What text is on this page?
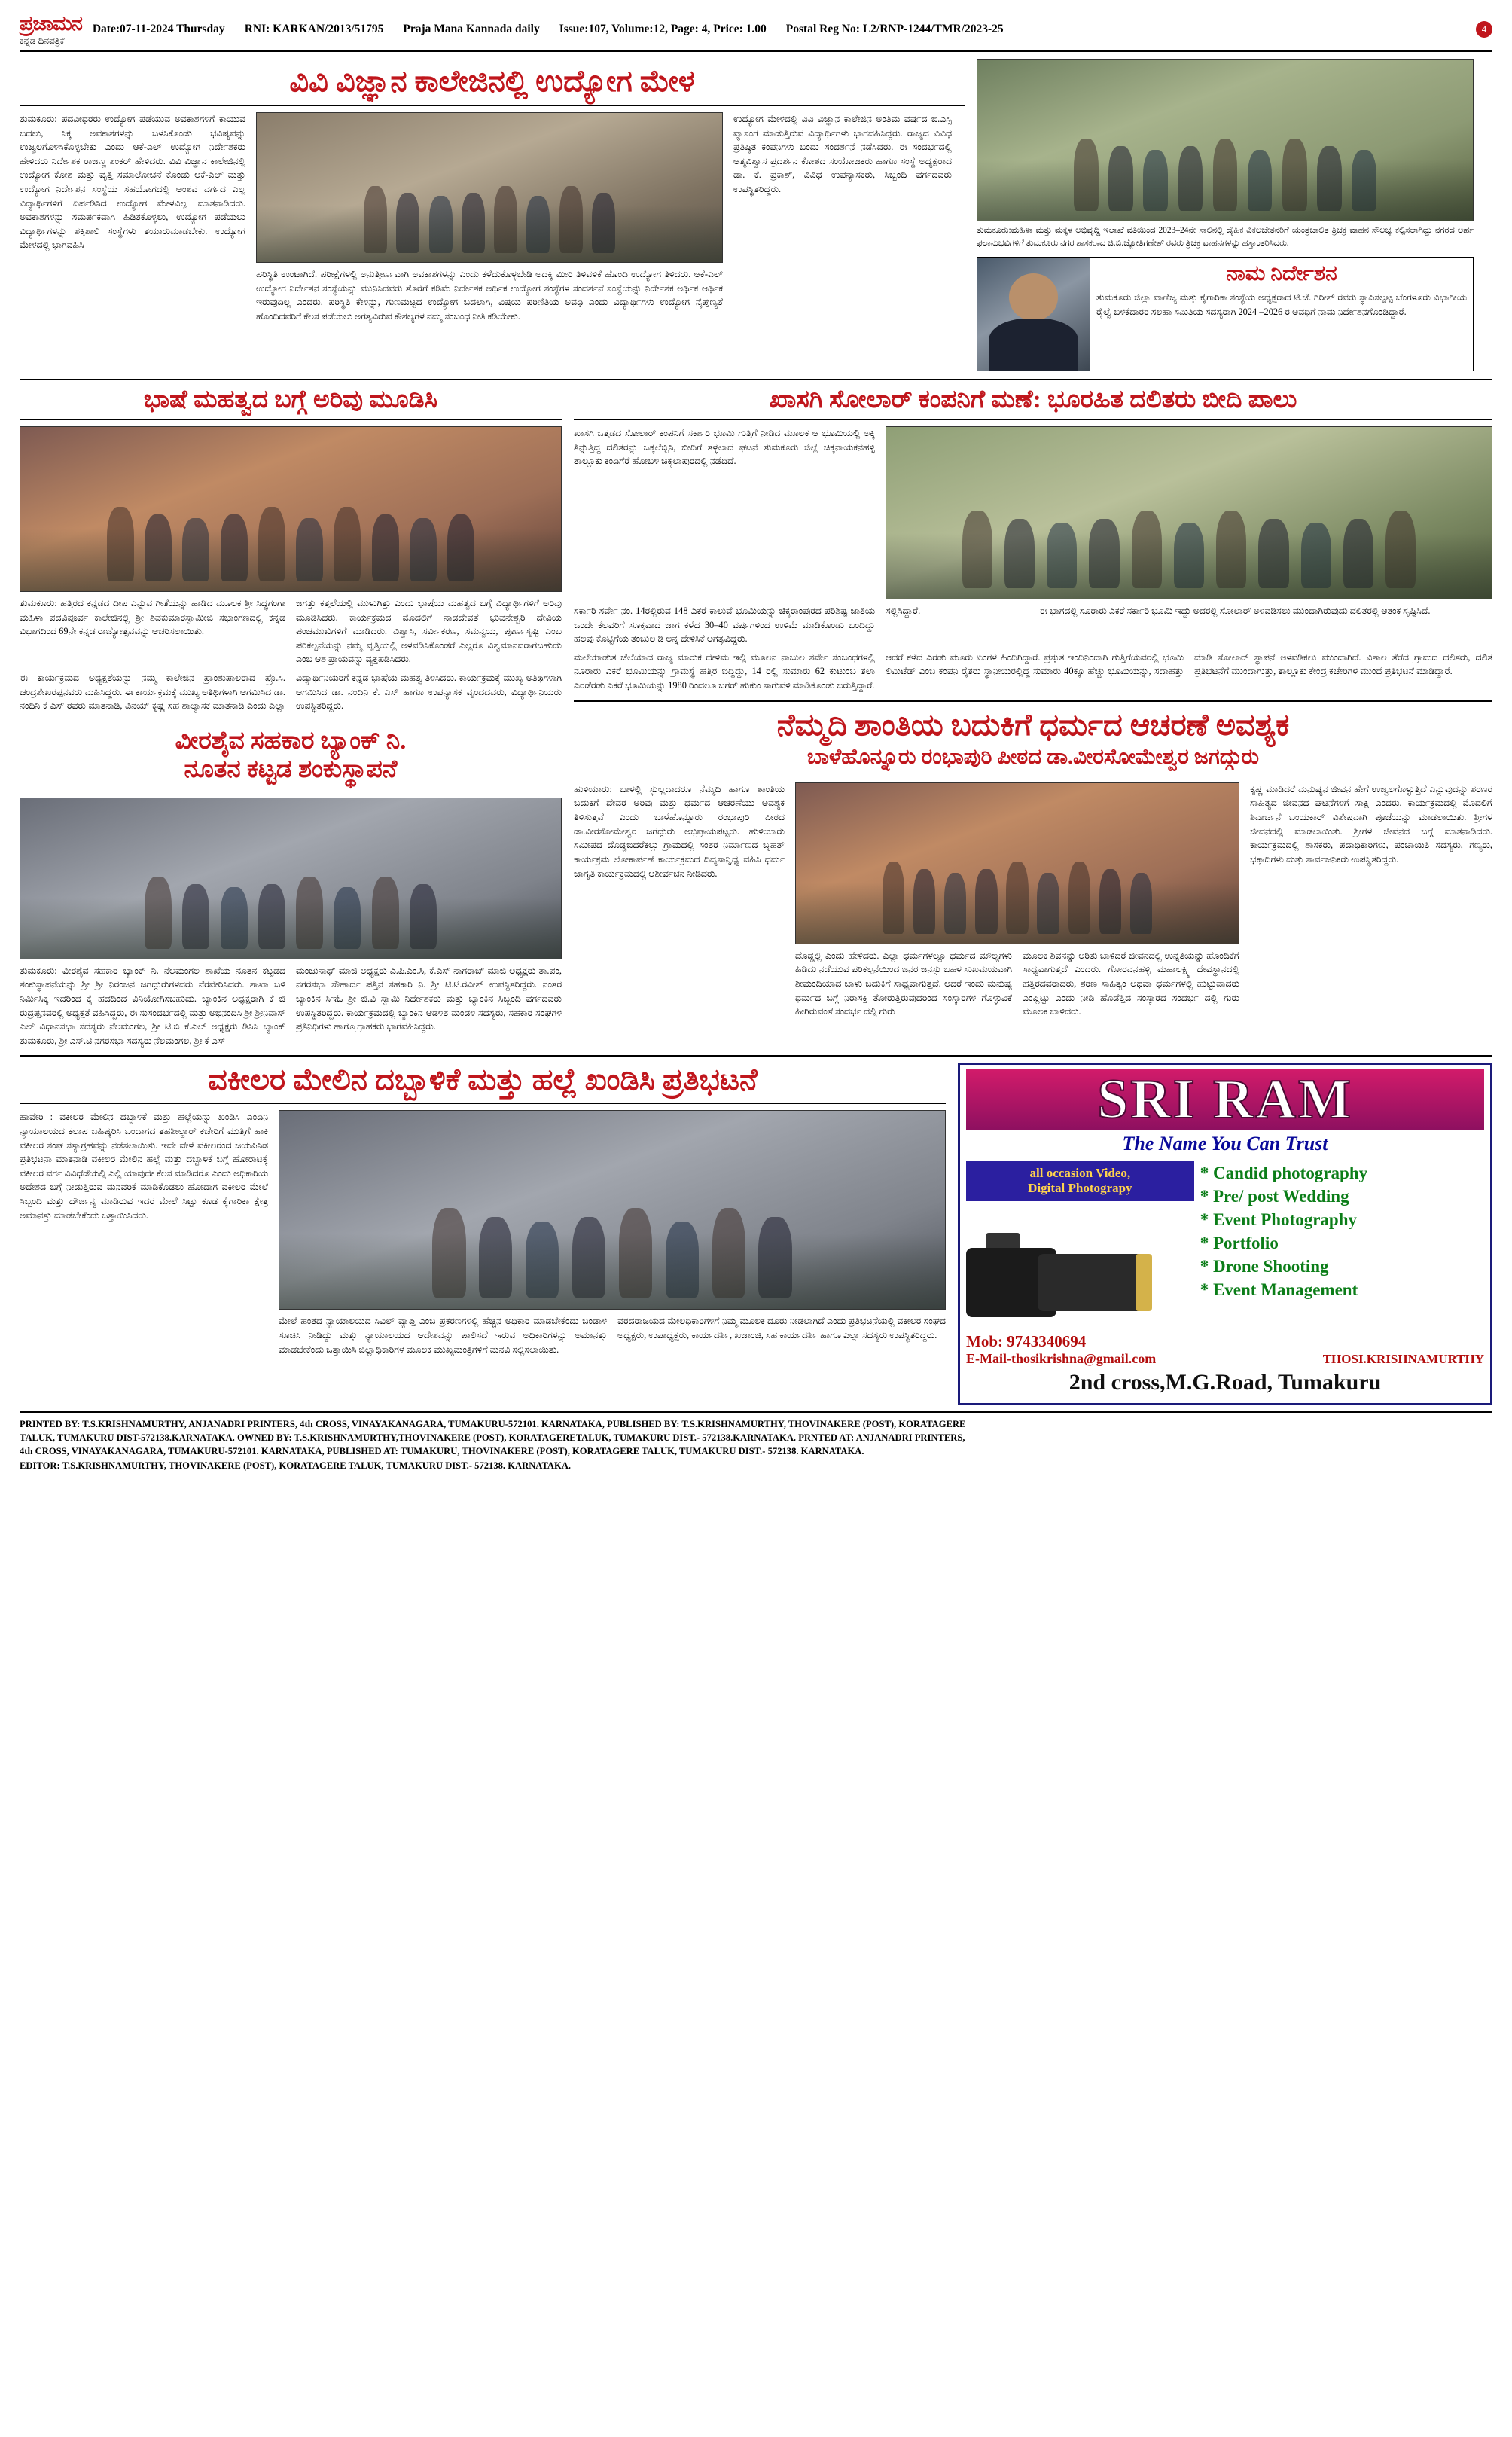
ಪ್ರಜಾಮನ
ಕನ್ನಡ ದಿನಪತ್ರಿಕೆ
Date:07-11-2024 Thursday RNI: KARKAN/2013/51795 Praja Mana Kannada daily Issue:107, Volume:12, Page: 4, Price: 1.00 Postal Reg No: L2/RNP-1244/TMR/2023-25	4
ವಿವಿ ವಿಜ್ಞಾನ ಕಾಲೇಜಿನಲ್ಲಿ ಉದ್ಯೋಗ ಮೇಳ
ತುಮಕೂರು: ಪದವೀಧರರು ಉದ್ಯೋಗ ಪಡೆಯುವ ಅವಕಾಶಗಳಿಗೆ ಕಾಯುವ ಬದಲು, ಸಿಕ್ಕ ಅವಕಾಶಗಳನ್ನು ಬಳಸಿಕೊಂಡು ಭವಿಷ್ಯವನ್ನು ಉಜ್ವಲಗೊಳಿಸಿಕೊಳ್ಳಬೇಕು ಎಂದು ಆಕೆ-ಎಲ್ ಉದ್ಯೋಗ ನಿರ್ದೇಶಕರು ಹೇಳಿದರು ನಿರ್ದೇಶಕ ರಾಜಣ್ಣ ಶಂಕರ್ ಹೇಳಿದರು. ವಿವಿ ವಿಜ್ಞಾನ ಕಾಲೇಜಿನಲ್ಲಿ ಉದ್ಯೋಗ ಕೋಶ ಮತ್ತು ವೃತ್ತಿ ಸಮಾಲೋಚನೆ ಕೊಂಡು ಆಕೆ-ಎಲ್ ಮತ್ತು ಉದ್ಯೋಗ ನಿರ್ದೇಶನ ಸಂಸ್ಥೆಯ ಸಹಯೋಗದಲ್ಲಿ ಅಂಶವ ವರ್ಗದ ಎಲ್ಲ ವಿದ್ಯಾರ್ಥಿಗಳಿಗೆ ಏರ್ಪಡಿಸಿದ ಉದ್ಯೋಗ ಮೇಳವಿಲ್ಲ ಮಾತನಾಡಿದರು. ಅವಕಾಶಗಳನ್ನು ಸಮರ್ಪಕವಾಗಿ ಹಿಡಿತಕೊಳ್ಳಲು, ಉದ್ಯೋಗ ಪಡೆಯಲು ವಿದ್ಯಾರ್ಥಿಗಳನ್ನು ಶಕ್ತಿಶಾಲಿ ಸಂಸ್ಥೆಗಳು ತಯಾರುಮಾಡಬೇಕು. ಉದ್ಯೋಗ ಮೇಳದಲ್ಲಿ ಭಾಗವಹಿಸಿ
ಪರಿಸ್ಥಿತಿ ಉಂಟಾಗಿದೆ. ಪರೀಕ್ಷೆಗಳಲ್ಲಿ ಅನುತ್ತೀರ್ಣವಾಗಿ ಅವಕಾಶಗಳನ್ನು ಎಂದು ಕಳೆದುಕೊಳ್ಳಬೇಡಿ ಅದಕ್ಕಿ ಮೀರಿ ತಿಳಿವಳಿಕೆ ಹೊಂದಿ ಉದ್ಯೋಗ ತಿಳಿದರು. ಆಕೆ-ಎಲ್ ಉದ್ಯೋಗ ನಿರ್ದೇಶನ ಸಂಸ್ಥೆಯನ್ನು ಮುನಿಸಿದವರು ತೊರೆಗೆ ಕಡಿಮೆ ನಿರ್ದೇಶಕ ಅರ್ಥಿಕ ಉದ್ಯೋಗ ಸಂಸ್ಥೆಗಳ ಸಂದರ್ಶನೆ ಸಂಸ್ಥೆಯನ್ನು ನಿರ್ದೇಶಕ ಅರ್ಥಿಕ ಆರ್ಥಿಕ ಇರುವುದಿಲ್ಲ ಎಂದರು. ಪರಿಸ್ಥಿತಿ ಕೇಳಿನ್ನು, ಗುಣಮಟ್ಟದ ಉದ್ಯೋಗ ಬದಲಾಗಿ, ವಿಷಯ ಪರಿಣಿತಿಯ ಅವಧಿ ಎಂದು ವಿದ್ಯಾರ್ಥಿಗಳು ಉದ್ಯೋಗ ನೈಪುಣ್ಯತೆ ಹೊಂದಿದವರಿಗೆ ಕೆಲಸ ಪಡೆಯಲು ಅಗತ್ಯವಿರುವ ಕೌಶಲ್ಯಗಳ ನಮ್ಮ ಸಂಬಂಧ ನೀತಿ ಕಡಿಯೇಕು.
ಉದ್ಯೋಗ ಮೇಳದಲ್ಲಿ ವಿವಿ ವಿಜ್ಞಾನ ಕಾಲೇಜಿನ ಅಂತಿಮ ವರ್ಷದ ಬಿ.ಎಸ್ಸಿ ವ್ಯಾಸಂಗ ಮಾಡುತ್ತಿರುವ ವಿದ್ಯಾರ್ಥಿಗಳು ಭಾಗವಹಿಸಿದ್ದರು. ರಾಜ್ಯದ ವಿವಿಧ ಪ್ರತಿಷ್ಠಿತ ಕಂಪನಿಗಳು ಬಂದು ಸಂದರ್ಶನೆ ನಡೆಸಿದರು. ಈ ಸಂದರ್ಭದಲ್ಲಿ ಆತ್ಮವಿಶ್ವಾಸ ಪ್ರದರ್ಶನ ಕೋಶದ ಸಂಯೋಜಕರು ಹಾಗೂ ಸಂಸ್ಥೆ ಅಧ್ಯಕ್ಷರಾದ ಡಾ. ಕೆ. ಪ್ರಕಾಶ್, ವಿವಿಧ ಉಪನ್ಯಾಸಕರು, ಸಿಬ್ಬಂದಿ ವರ್ಗದವರು ಉಪಸ್ಥಿತರಿದ್ದರು.
ತುಮಕೂರು:ಮಹಿಳಾ ಮತ್ತು ಮಕ್ಕಳ ಅಭಿವೃದ್ಧಿ ಇಲಾಖೆ ವತಿಯಿಂದ 2023–24ನೇ ಸಾಲಿನಲ್ಲಿ ದೈಹಿಕ ವಿಕಲಚೇತನರಿಗೆ ಯಂತ್ರಚಾಲಿತ ತ್ರಿಚಕ್ರ ವಾಹನ ಸೌಲಭ್ಯ ಕಲ್ಪಿಸಲಾಗಿದ್ದು ನಗರದ ಅರ್ಹ ಫಲಾನುಭವಿಗಳಿಗೆ ತುಮಕೂರು ನಗರ ಶಾಸಕರಾದ ಜಿ.ಬಿ.ಜ್ಯೋತಿಗಣೇಶ್ ರವರು ತ್ರಿಚಕ್ರ ವಾಹನಗಳನ್ನು ಹಸ್ತಾಂತರಿಸಿದರು.
ನಾಮ ನಿರ್ದೇಶನ
ತುಮಕೂರು ಜಿಲ್ಲಾ ವಾಣಿಜ್ಯ ಮತ್ತು ಕೈಗಾರಿಕಾ ಸಂಸ್ಥೆಯ ಅಧ್ಯಕ್ಷರಾದ ಟಿ.ಜೆ. ಗಿರೀಶ್ ರವರು ಸ್ಥಾಪಿಸಲ್ಪಟ್ಟ ಬೆಂಗಳೂರು ವಿಭಾಗೀಯ ರೈಲ್ವೆ ಬಳಕೆದಾರರ ಸಲಹಾ ಸಮಿತಿಯ ಸದಸ್ಯರಾಗಿ 2024 –2026 ರ ಅವಧಿಗೆ ನಾಮ ನಿರ್ದೇಶನಗೊಂಡಿದ್ದಾರೆ.
ಭಾಷೆ ಮಹತ್ವದ ಬಗ್ಗೆ ಅರಿವು ಮೂಡಿಸಿ
ತುಮಕೂರು: ಹತ್ತಿರದ ಕನ್ನಡದ ದೀಪ ಎನ್ನುವ ಗೀತೆಯನ್ನು ಹಾಡಿದ ಮೂಲಕ ಶ್ರೀ ಸಿದ್ಧಗಂಗಾ ಮಹಿಳಾ ಪದವಿಪೂರ್ವ ಕಾಲೇಜಿನಲ್ಲಿ ಶ್ರೀ ಶಿವಕುಮಾರಸ್ವಾಮೀಜಿ ಸಭಾಂಗಣದಲ್ಲಿ ಕನ್ನಡ ವಿಭಾಗದಿಂದ 69ನೇ ಕನ್ನಡ ರಾಜ್ಯೋತ್ಸವವನ್ನು ಆಚರಿಸಲಾಯಿತು.
ಜಗತ್ತು ಕತ್ತಲೆಯಲ್ಲಿ ಮುಳುಗಿತ್ತು ಎಂದು ಭಾಷೆಯ ಮಹತ್ವದ ಬಗ್ಗೆ ವಿದ್ಯಾರ್ಥಿಗಳಿಗೆ ಅರಿವು ಮೂಡಿಸಿದರು. ಕಾರ್ಯಕ್ರಮದ ಮೊದಲಿಗೆ ನಾಡದೇವತೆ ಭುವನೇಶ್ವರಿ ದೇವಿಯ ಪಂಚಮುಖಿಗಳಿಗೆ ಮಾಡಿದರು. ವಿಶ್ವಾಸಿ, ಸರ್ವೀಕರಣ, ಸಮನ್ವಯ, ಪೂರ್ಣಸೃಷ್ಟಿ ಎಂಬ ಪರಿಕಲ್ಪನೆಯನ್ನು ನಮ್ಮ ವೃತ್ತಿಯಲ್ಲಿ ಅಳವಡಿಸಿಕೊಂಡರೆ ಎಲ್ಲರೂ ವಿಶ್ವಮಾನವರಾಗಬಹುದು ಎಂಬ ಆಶ ಪ್ರಾಯವನ್ನು ವ್ಯಕ್ತಪಡಿಸಿದರು.
ಈ ಕಾರ್ಯಕ್ರಮದ ಅಧ್ಯಕ್ಷತೆಯನ್ನು ನಮ್ಮ ಕಾಲೇಜಿನ ಪ್ರಾಂಶುಪಾಲರಾದ ಪ್ರೊ.ಸಿ. ಚಂದ್ರಶೇಖರಪ್ಪನವರು ಮಹಿಸಿದ್ದರು. ಈ ಕಾರ್ಯಕ್ರಮಕ್ಕೆ ಮುಖ್ಯ ಅತಿಥಿಗಳಾಗಿ ಆಗಮಿಸಿದ ಡಾ. ನಂದಿನಿ ಕೆ ಎಸ್ ರವರು ಮಾತನಾಡಿ, ವಿನಯ್ ಕೃಷ್ಣ ಸಹ ಶಾಲ್ಯಾಸಕ ಮಾತನಾಡಿ ಎಂದು ಎಲ್ಲಾ ವಿದ್ಯಾರ್ಥಿನಿಯರಿಗೆ ಕನ್ನಡ ಭಾಷೆಯ ಮಹತ್ವ ತಿಳಿಸಿದರು. ಕಾರ್ಯಕ್ರಮಕ್ಕೆ ಮುಖ್ಯ ಅತಿಥಿಗಳಾಗಿ ಆಗಮಿಸಿದ ಡಾ. ನಂದಿನಿ ಕೆ. ಎಸ್ ಹಾಗೂ ಉಪನ್ಯಾಸಕ ವೃಂದದವರು, ವಿದ್ಯಾರ್ಥಿನಿಯರು ಉಪಸ್ಥಿತರಿದ್ದರು.
ವೀರಶೈವ ಸಹಕಾರ ಬ್ಯಾಂಕ್ ನಿ.
ನೂತನ ಕಟ್ಟಡ ಶಂಕುಸ್ಥಾಪನೆ
ತುಮಕೂರು: ವೀರಶೈವ ಸಹಕಾರ ಬ್ಯಾಂಕ್ ನಿ. ನೆಲಮಂಗಲ ಶಾಖೆಯ ನೂತನ ಕಟ್ಟಡದ ಶಂಕುಸ್ಥಾಪನೆಯನ್ನು ಶ್ರೀ ಶ್ರೀ ನಿರಂಜನ ಜಗದ್ಗುರುಗಳವರು ನೆರವೇರಿಸಿದರು. ಶಾಖಾ ಬಳಿ ನಿರ್ಮಿಸಿಕ್ಕ ಇದರಿಂದ ಕೈ ಹದದಿಂದ ವಿನಿಯೋಗಿಸಬಹುದು. ಬ್ಯಾಂಕಿನ ಅಧ್ಯಕ್ಷರಾಗಿ ಕೆ ಜಿ ರುದ್ರಪ್ಪನವರಲ್ಲಿ ಅಧ್ಯಕ್ಷತೆ ವಹಿಸಿದ್ದರು, ಈ ಸುಸಂದರ್ಭದಲ್ಲಿ ಮತ್ತು ಅಭಿನಂದಿಸಿ ಶ್ರೀ ಶ್ರೀನಿವಾಸ್ ಎಲ್ ವಿಧಾನಸಭಾ ಸದಸ್ಯರು ನೆಲಮಂಗಲ, ಶ್ರೀ ಟಿ.ಬಿ ಕೆ.ಎಲ್ ಅಧ್ಯಕ್ಷರು ಡಿಸಿಸಿ ಬ್ಯಾಂಕ್ ತುಮಕೂರು, ಶ್ರೀ ಎಸ್.ಟಿ ನಗರಸಭಾ ಸದಸ್ಯರು ನೆಲಮಂಗಲ, ಶ್ರೀ ಕೆ ಎಸ್
ಮಂಜುನಾಥ್ ಮಾಜಿ ಅಧ್ಯಕ್ಷರು ಎ.ಪಿ.ಎಂ.ಸಿ, ಕೆ.ಎಸ್ ನಾಗರಾಜ್ ಮಾಜಿ ಅಧ್ಯಕ್ಷರು ತಾ.ಪಂ, ನಗರಸಭಾ ಸೌಹಾರ್ದ ಪತ್ತಿನ ಸಹಕಾರಿ ನಿ. ಶ್ರೀ ಟಿ.ಟಿ.ರವೀಶ್ ಉಪಸ್ಥಿತರಿದ್ದರು. ನಂತರ ಬ್ಯಾಂಕಿನ ಸಿಇಓ ಶ್ರೀ ಜಿ.ವಿ ಸ್ವಾಮಿ ನಿರ್ದೇಶಕರು ಮತ್ತು ಬ್ಯಾಂಕಿನ ಸಿಬ್ಬಂದಿ ವರ್ಗದವರು ಉಪಸ್ಥಿತರಿದ್ದರು. ಕಾರ್ಯಕ್ರಮದಲ್ಲಿ ಬ್ಯಾಂಕಿನ ಆಡಳಿತ ಮಂಡಳಿ ಸದಸ್ಯರು, ಸಹಕಾರ ಸಂಘಗಳ ಪ್ರತಿನಿಧಿಗಳು ಹಾಗೂ ಗ್ರಾಹಕರು ಭಾಗವಹಿಸಿದ್ದರು.
ಖಾಸಗಿ ಸೋಲಾರ್ ಕಂಪನಿಗೆ ಮಣೆ: ಭೂರಹಿತ ದಲಿತರು ಬೀದಿ ಪಾಲು
ಖಾಸಗಿ ಒತ್ತಡದ ಸೋಲಾರ್ ಕಂಪನಿಗೆ ಸರ್ಕಾರಿ ಭೂಮಿ ಗುತ್ತಿಗೆ ನೀಡಿದ ಮೂಲಕ ಆ ಭೂಮಿಯಲ್ಲಿ ಅಕ್ಕಿ ತಿನ್ನುತ್ತಿದ್ದ ದಲಿತರನ್ನು ಒಕ್ಕಲೆಬ್ಬಿಸಿ, ಬೀದಿಗೆ ತಳ್ಳಲಾದ ಘಟನೆ ತುಮಕೂರು ಜಿಲ್ಲೆ ಚಿಕ್ಕನಾಯಕನಹಳ್ಳಿ ತಾಲ್ಲೂಕು ಕಂದಿಗೆರೆ ಹೋಬಳಿ ಚಿಕ್ಕಲಾಪುರದಲ್ಲಿ ನಡೆದಿದೆ.
ಸರ್ಕಾರಿ ಸರ್ವೇ ನಂ. 14ರಲ್ಲಿರುವ 148 ಎಕರೆ ಕಾಲುವೆ ಭೂಮಿಯನ್ನು ಚಿಕ್ಕರಾಂಪುರದ ಪರಿಶಿಷ್ಟ ಜಾತಿಯ ಒಂದೇ ಕೆಲವರಿಗೆ ಸೂಕ್ತವಾದ ಜಾಗ ಕಳೆದ 30–40 ವರ್ಷಗಳಿಂದ ಉಳಿಮೆ ಮಾಡಿಕೊಂಡು ಬಂದಿದ್ದು ಹಲವು ಕೊಟ್ಟಿಗೆಯ ತಂಬುಲ ಡಿ ಅನ್ನ ದೇಳಿಸಿಕೆ ಅಗತ್ಯವಿದ್ದರು.
ಸಲ್ಲಿಸಿದ್ದಾರೆ.	ಈ ಭಾಗದಲ್ಲಿ ಸೂರಾರು ಎಕರೆ ಸರ್ಕಾರಿ ಭೂಮಿ ಇದ್ದು ಅದರಲ್ಲಿ ಸೋಲಾರ್ ಅಳವಡಿಸಲು ಮುಂದಾಗಿರುವುದು ದಲಿತರಲ್ಲಿ ಆತಂಕ ಸೃಷ್ಟಿಸಿದೆ.
ಮಲೆಯಾಡುತ ಚೆಲೆಯಾದ ರಾಜ್ಯ ಮಾರುಕ ದೇಳಿಮ ಇಲ್ಲಿ ಮೂಲನ ನಾಬುಲ ಸರ್ವೇ ಸಂಬಂಧಗಳಲ್ಲಿ ನೂರಾರು ಎಕರೆ ಭೂಮಿಯನ್ನು ಗ್ರಾಮಸ್ಥೆ ಹತ್ತಿರ ಬಿದ್ದಿದ್ದು, 14 ರಲ್ಲಿ ಸುಮಾರು 62 ಕುಟುಂಬ ತಲಾ ಎರಡೆರಡು ಎಕರೆ ಭೂಮಿಯನ್ನು 1980 ರಿಂದಲೂ ಬಗರ್ ಹುಕುಂ ಸಾಗುವಳಿ ಮಾಡಿಕೊಂಡು ಬರುತ್ತಿದ್ದಾರೆ.
ಆದರೆ ಕಳೆದ ಎರಡು ಮೂರು ಏಂಗಳ ಹಿಂದಿಗಿದ್ದಾರೆ. ಪ್ರಸ್ತುತ ಇಂದಿನಿಂದಾಗಿ ಗುತ್ತಿಗೆಯವರಲ್ಲಿ ಭೂಮಿ ಲಿಮಿಟೆಡ್ ಎಂಬ ಕಂಪನಿ ರೈತರು ಸ್ಥಾನೀಯರಲ್ಲಿದ್ದ ಸುಮಾರು 40ಕ್ಕೂ ಹೆಚ್ಚು ಭೂಮಿಯನ್ನು, ಸದಾಹತ್ತು ಮಾಡಿ ಸೋಲಾರ್ ಸ್ಥಾಪನೆ ಅಳವಡಿಕಲು ಮುಂದಾಗಿದೆ. ವಿಶಾಲ ತೆರೆದ ಗ್ರಾಮದ ದಲಿತರು, ದಲಿತ ಪ್ರತಿಭಟನೆಗೆ ಮುಂದಾಗುತ್ತು, ತಾಲ್ಲೂಕು ಕೇಂದ್ರ ಕಚೇರಿಗಳ ಮುಂದೆ ಪ್ರತಿಭಟನೆ ಮಾಡಿದ್ದಾರೆ.
ನೆಮ್ಮದಿ ಶಾಂತಿಯ ಬದುಕಿಗೆ ಧರ್ಮದ ಆಚರಣೆ ಅವಶ್ಯಕ
ಬಾಳೆಹೊನ್ನೂರು ರಂಭಾಪುರಿ ಪೀಠದ ಡಾ.ವೀರಸೋಮೇಶ್ವರ ಜಗದ್ಗುರು
ಹುಳಿಯಾರು: ಬಾಳಲ್ಲಿ ಸ್ಫುಲ್ಲದಾದರೂ ನೆಮ್ಮದಿ ಹಾಗೂ ಶಾಂತಿಯ ಬದುಕಿಗೆ ದೇವರ ಅರಿವು ಮತ್ತು ಧರ್ಮದ ಆಚರಣೆಯು ಅವಶ್ಯಕ ತಿಳಿಸುತ್ತವೆ ಎಂದು ಬಾಳೆಹೊನ್ನೂರು ರಂಭಾಪುರಿ ಪೀಠದ ಡಾ.ವೀರಸೋಮೇಶ್ವರ ಜಗದ್ಗುರು ಅಭಿಪ್ರಾಯಪಟ್ಟರು. ಹುಳಿಯಾರು ಸಮೀಪದ ದೊಡ್ಡಬಿದರೆಕಲ್ಲು ಗ್ರಾಮದಲ್ಲಿ ಸಂತರ ನಿರ್ಮಾಣದ ಬೃಹತ್ ಕಾರ್ಯಕ್ರಮ ಲೋಕಾರ್ಪಣೆ ಕಾರ್ಯಕ್ರಮದ ದಿವ್ಯಸಾನ್ನಿಧ್ಯ ವಹಿಸಿ ಧರ್ಮ ಜಾಗೃತಿ ಕಾರ್ಯಕ್ರಮದಲ್ಲಿ ಆಶೀರ್ವಚನ ನೀಡಿದರು.
ದೊಡ್ಡಲ್ಲಿ ಎಂದು ಹೇಳಿದರು. ಎಲ್ಲಾ ಧರ್ಮಗಳಲ್ಲೂ ಧರ್ಮದ ಮೌಲ್ಯಗಳು ಹಿಡಿದು ನಡೆಯುವ ಪರಿಕಲ್ಪನೆಯಿಂದ ಜನರ ಜನಸ್ಸು ಬಹಳ ಸುಖಮಯವಾಗಿ ಶೀಮಂದಿಯಾದ ಬಾಳು ಬದುಕಿಗೆ ಸಾಧ್ಯವಾಗುತ್ತದೆ. ಆದರೆ ಇಂದು ಮನುಷ್ಯ ಧರ್ಮದ ಬಗ್ಗೆ ನಿರಾಸಕ್ತಿ ತೋರುತ್ತಿರುವುದರಿಂದ ಸಂಸ್ಕಾರಗಳ ಗೊಳ್ಳುವಿಕೆ ಹೀಗಿರುವಂತೆ ಸಂದರ್ಭ ದಲ್ಲಿ ಗುರು
ಮೂಲಕ ಶಿವನನ್ನು ಅರಿತು ಬಾಳಿದರೆ ಜೀವನದಲ್ಲಿ ಉನ್ನತಿಯನ್ನು ಹೊಂದಿಕೆಗೆ ಸಾಧ್ಯವಾಗುತ್ತದೆ ಎಂದರು. ಗೋರವನಹಳ್ಳಿ ಮಹಾಲಕ್ಷ್ಮಿ ದೇವಸ್ಥಾನದಲ್ಲಿ ಹತ್ತಿರದವರಾದರು, ಶರಣ ಸಾಹಿತ್ಯಂ ಅಥವಾ ಧರ್ಮಗಳಲ್ಲಿ ಹುಟ್ಟುವಾದರು ಎಂಪ್ಲಿಟ್ಟು ಎಂದು ನೀಡಿ ಹೊಡೆತ್ತಿದ ಸಂಸ್ಕಾರದ ಸಂದರ್ಭ ದಲ್ಲಿ ಗುರು ಮೂಲಕ ಬಾಳಿದರು.
ಕೃಷ್ಣ ಮಾಡಿದರೆ ಮನುಷ್ಯನ ಜೀವನ ಹೇಗೆ ಉಜ್ವಲಗೊಳ್ಳುತ್ತಿದೆ ಎನ್ನುವುದನ್ನು ಶರಣರ ಸಾಹಿತ್ಯದ ಜೀವನದ ಘಟನೆಗಳಿಗೆ ಸಾಕ್ಷಿ ಎಂದರು. ಕಾರ್ಯಕ್ರಮದಲ್ಲಿ ಮೊದಲಿಗೆ ಶಿವಾರ್ಚನೆ ಬಂಯಕಾರ್ ವಿಶೇಷವಾಗಿ ಪೂಜೆಯನ್ನು ಮಾಡಲಾಯಿತು. ಶ್ರೀಗಳ ಜೀವನದಲ್ಲಿ ಮಾಡಲಾಯಿತು. ಶ್ರೀಗಳ ಜೀವನದ ಬಗ್ಗೆ ಮಾತನಾಡಿದರು. ಕಾರ್ಯಕ್ರಮದಲ್ಲಿ ಶಾಸಕರು, ಪದಾಧಿಕಾರಿಗಳು, ಪಂಚಾಯಿತಿ ಸದಸ್ಯರು, ಗಣ್ಯರು, ಭಕ್ತಾದಿಗಳು ಮತ್ತು ಸಾರ್ವಜನಿಕರು ಉಪಸ್ಥಿತರಿದ್ದರು.
ವಕೀಲರ ಮೇಲಿನ ದಬ್ಬಾಳಿಕೆ ಮತ್ತು ಹಲ್ಲೆ ಖಂಡಿಸಿ ಪ್ರತಿಭಟನೆ
ಹಾವೇರಿ : ವಕೀಲರ ಮೇಲಿನ ದಬ್ಬಾಳಿಕೆ ಮತ್ತು ಹಲ್ಲೆಯನ್ನು ಖಂಡಿಸಿ ಎಂದಿನಿ ನ್ಯಾಯಾಲಯದ ಕಲಾಪ ಬಹಿಷ್ಕರಿಸಿ ಬಂದಾಗದ ತಹಶೀಲ್ದಾರ್ ಕಚೇರಿಗೆ ಮುತ್ತಿಗೆ ಹಾಕಿ ವಕೀಲರ ಸಂಘ ಸತ್ಯಾಗ್ರಹವನ್ನು ನಡೆಸಲಾಯಿತು. ಇದೇ ವೇಳೆ ವಕೀಲರಂದ ಜಯಪಿಸಿಡ ಪ್ರತಿಭಟನಾ ಮಾತನಾಡಿ ವಕೀಲರ ಮೇಲಿನ ಹಲ್ಲೆ ಮತ್ತು ದಬ್ಬಾಳಿಕೆ ಬಗ್ಗೆ ಹೋರಾಟಕ್ಕೆ ವಕೀಲರ ವರ್ಗ ವಿವಿಧೆಡೆಯಲ್ಲಿ ಎಲ್ಲಿ ಯಾವುದೇ ಕೆಲಸ ಮಾಡಿದರೂ ಎಂದು ಅಧಿಕಾರಿಯ ಅದೇಶದ ಬಗ್ಗೆ ನೀಡುತ್ತಿರುವ ಮನವರಿಕೆ ಮಾಡಿಕೊಡಲು ಹೋದಾಗ ವಕೀಲರ ಮೇಲೆ ಸಿಬ್ಬಂದಿ ಮತ್ತು ದೌರ್ಜನ್ಯ ಮಾಡಿರುವ ಇದರ ಮೇಲೆ ಸಿಟ್ಟು ಕೂಡ ಕೈಗಾರಿಕಾ ಕ್ಷೇತ್ರ ಅಮಾನತ್ತು ಮಾಡಬೇಕೆಂದು ಒತ್ತಾಯಿಸಿದರು.
ಮೇಲೆ ಹಂತದ ನ್ಯಾಯಾಲಯದ ಸಿವಿಲ್ ವ್ಯಾಪ್ತಿ ಎಂಬ ಪ್ರಕರಣಗಳಲ್ಲಿ ಹೆಚ್ಚಿನ ಅಧಿಕಾರ ಮಾಡಬೇಕೆಂದು ಬಂಡಾಳ ಸೂಚಿಸಿ ನೀಡಿದ್ದು ಮತ್ತು ನ್ಯಾಯಾಲಯದ ಆದೇಶವನ್ನು ಪಾಲಿಸದೆ ಇರುವ ಅಧಿಕಾರಿಗಳನ್ನು ಅಮಾನತ್ತು ಮಾಡಬೇಕೆಂದು ಒತ್ತಾಯಿಸಿ ಜಿಲ್ಲಾಧಿಕಾರಿಗಳ ಮೂಲಕ ಮುಖ್ಯಮಂತ್ರಿಗಳಿಗೆ ಮನವಿ ಸಲ್ಲಿಸಲಾಯಿತು.
ವರದರಾಜಯದ ಮೇಲಧಿಕಾರಿಗಳಿಗೆ ನಿಮ್ಮ ಮೂಲಕ ದೂರು ನೀಡಲಾಗಿದೆ ಎಂದು ಪ್ರತಿಭಟನೆಯಲ್ಲಿ ವಕೀಲರ ಸಂಘದ ಅಧ್ಯಕ್ಷರು, ಉಪಾಧ್ಯಕ್ಷರು, ಕಾರ್ಯದರ್ಶಿ, ಖಜಾಂಚಿ, ಸಹ ಕಾರ್ಯದರ್ಶಿ ಹಾಗೂ ಎಲ್ಲಾ ಸದಸ್ಯರು ಉಪಸ್ಥಿತರಿದ್ದರು.
SRI RAM
The Name You Can Trust
all occasion Video,
Digital Photograpy
* Candid photography
* Pre/ post Wedding
* Event Photography
* Portfolio
* Drone Shooting
* Event Management
Mob: 9743340694
E-Mail-thosikrishna@gmail.com	THOSI.KRISHNAMURTHY
2nd cross,M.G.Road, Tumakuru
PRINTED BY: T.S.KRISHNAMURTHY, ANJANADRI PRINTERS, 4th CROSS, VINAYAKANAGARA, TUMAKURU-572101. KARNATAKA, PUBLISHED BY: T.S.KRISHNAMURTHY, THOVINAKERE (POST), KORATAGERE
TALUK, TUMAKURU DIST-572138.KARNATAKA. OWNED BY: T.S.KRISHNAMURTHY,THOVINAKERE (POST), KORATAGERETALUK, TUMAKURU DIST.- 572138.KARNATAKA. PRNTED AT: ANJANADRI PRINTERS,
4th CROSS, VINAYAKANAGARA, TUMAKURU-572101. KARNATAKA, PUBLISHED AT: TUMAKURU, THOVINAKERE (POST), KORATAGERE TALUK, TUMAKURU DIST.- 572138. KARNATAKA.
EDITOR: T.S.KRISHNAMURTHY, THOVINAKERE (POST), KORATAGERE TALUK, TUMAKURU DIST.- 572138. KARNATAKA.
